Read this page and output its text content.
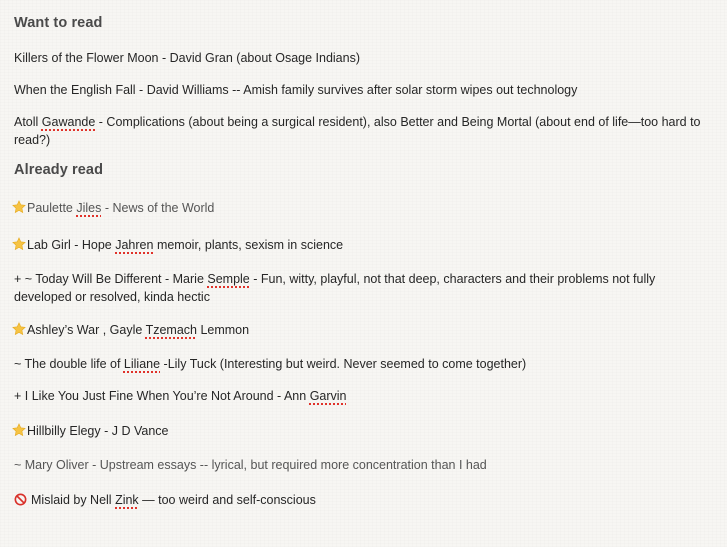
Want to read
Killers of the Flower Moon - David Gran (about Osage Indians)
When the English Fall - David Williams -- Amish family survives after solar storm wipes out technology
Atoll Gawande - Complications (about being a surgical resident), also Better and Being Mortal (about end of life—too hard to read?)
Already read
Paulette Jiles - News of the World
Lab Girl - Hope Jahren memoir, plants, sexism in science
+ ~ Today Will Be Different - Marie Semple - Fun, witty, playful, not that deep, characters and their problems not fully developed or resolved, kinda hectic
Ashley’s War , Gayle Tzemach Lemmon
~ The double life of Liliane -Lily Tuck (Interesting but weird. Never seemed to come together)
+ I Like You Just Fine When You’re Not Around - Ann Garvin
Hillbilly Elegy - J D Vance
~ Mary Oliver - Upstream essays -- lyrical, but required more concentration than I had
Mislaid by Nell Zink — too weird and self-conscious
